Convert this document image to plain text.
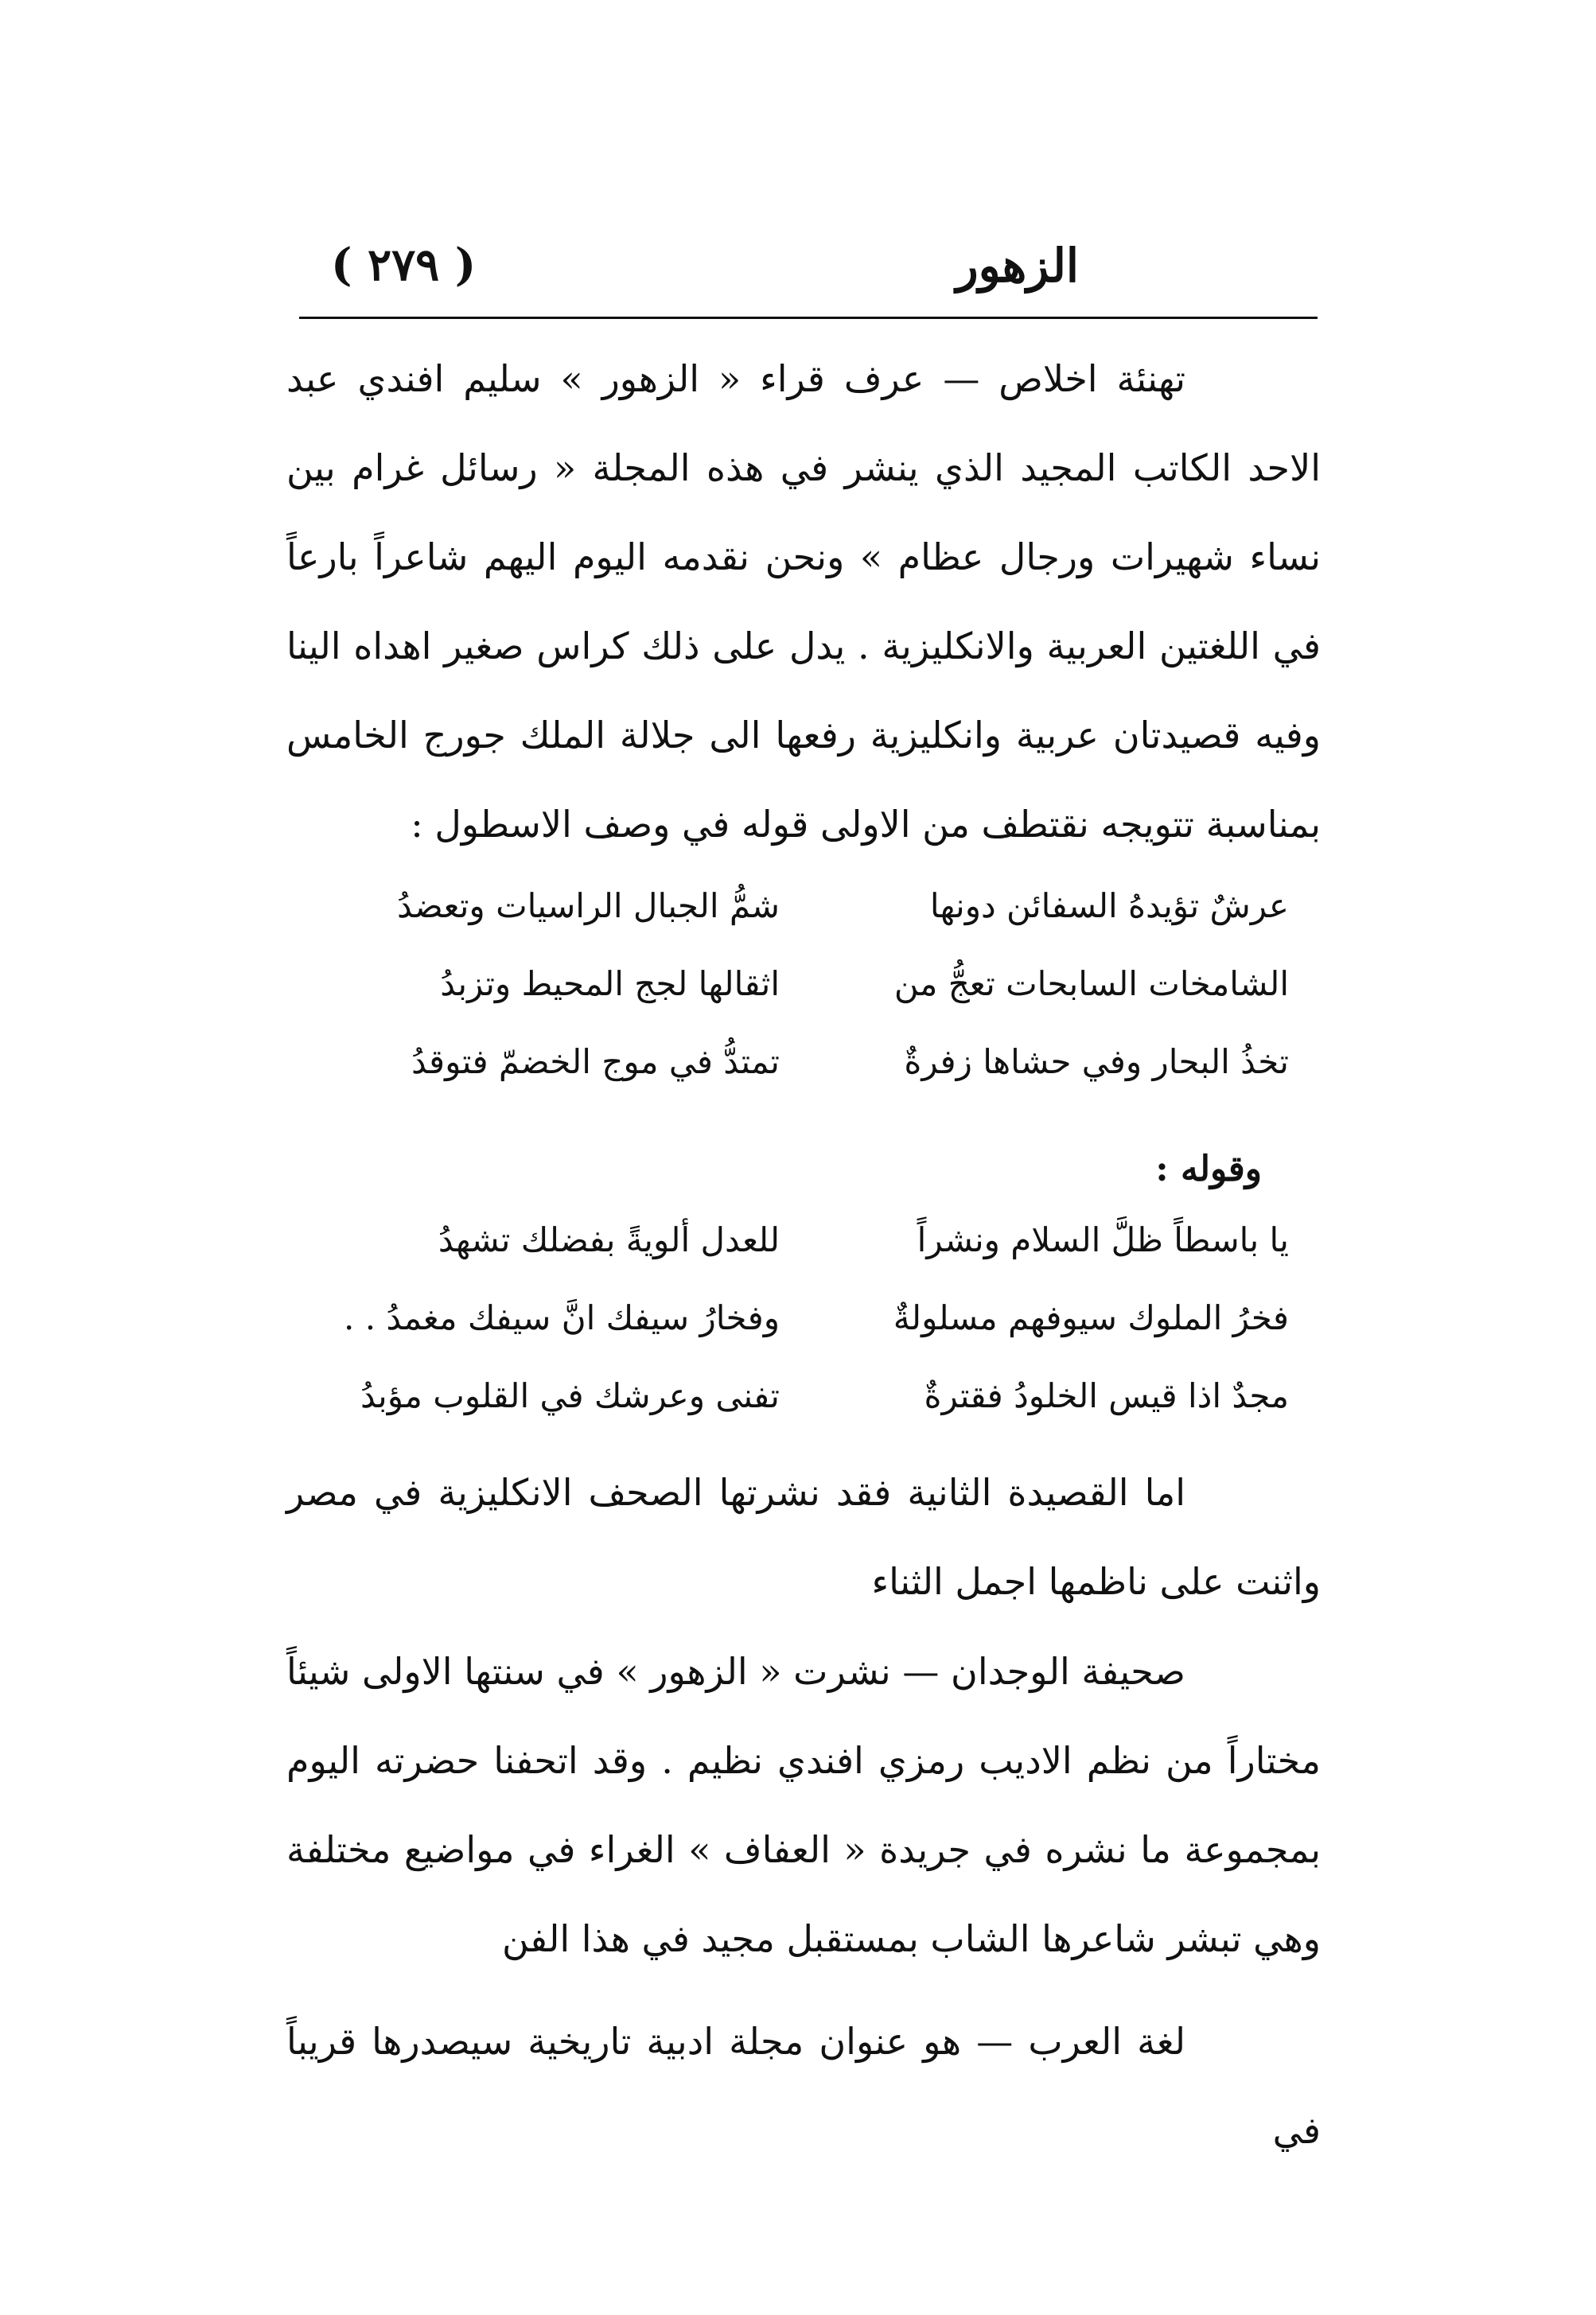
الزهور
( ٢٧٩ )
تهنئة اخلاص — عرف قراء « الزهور » سليم افندي عبد الاحد الكاتب المجيد الذي ينشر في هذه المجلة « رسائل غرام بين نساء شهيرات ورجال عظام » ونحن نقدمه اليوم اليهم شاعراً بارعاً في اللغتين العربية والانكليزية . يدل على ذلك كراس صغير اهداه الينا وفيه قصيدتان عربية وانكليزية رفعها الى جلالة الملك جورج الخامس بمناسبة تتويجه نقتطف من الاولى قوله في وصف الاسطول :
عرشٌ تؤيدهُ السفائن دونها
شمُّ الجبال الراسيات وتعضدُ
الشامخات السابحات تعجُّ من
اثقالها لجج المحيط وتزبدُ
تخذُ البحار وفي حشاها زفرةٌ
تمتدُّ في موج الخضمّ فتوقدُ
وقوله :
يا باسطاً ظلَّ السلام ونشراً
للعدل ألويةً بفضلك تشهدُ
فخرُ الملوك سيوفهم مسلولةٌ
وفخارُ سيفك انَّ سيفك مغمدُ . .
مجدٌ اذا قيس الخلودُ فقترةٌ
تفنى وعرشك في القلوب مؤبدُ
اما القصيدة الثانية فقد نشرتها الصحف الانكليزية في مصر واثنت على ناظمها اجمل الثناء
صحيفة الوجدان — نشرت « الزهور » في سنتها الاولى شيئاً مختاراً من نظم الاديب رمزي افندي نظيم . وقد اتحفنا حضرته اليوم بمجموعة ما نشره في جريدة « العفاف » الغراء في مواضيع مختلفة وهي تبشر شاعرها الشاب بمستقبل مجيد في هذا الفن
لغة العرب — هو عنوان مجلة ادبية تاريخية سيصدرها قريباً في
